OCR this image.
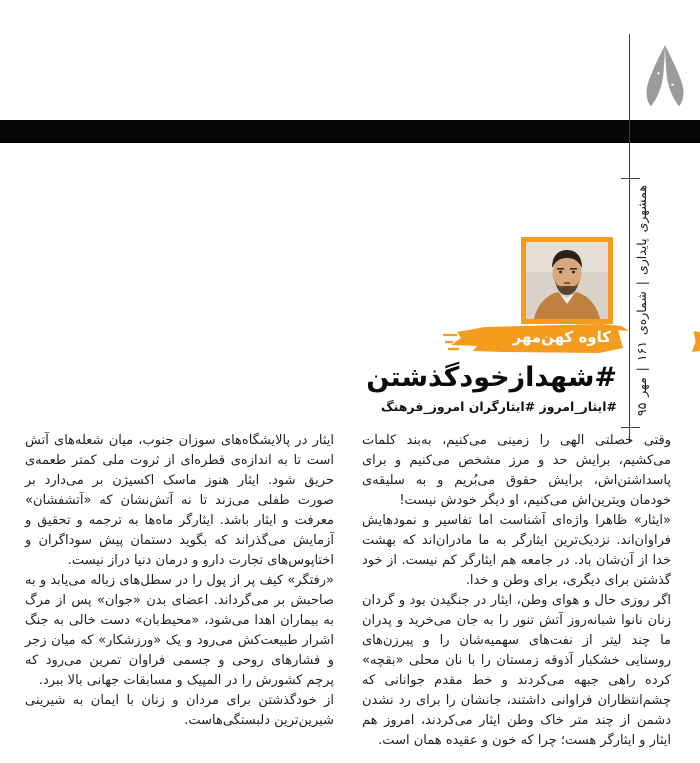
همشهری پایداری | شماره‌ی ۱۶۱ | مهر ۹۵
کاوه کهن‌مهر
#شهدازخودگذشتن
#ایثار_امروز #ایثارگران امروز_فرهنگ

وقتی خصلتی الهی را زمینی می‌کنیم، به‌بند کلمات می‌کشیم، برایش حد و مرز مشخص می‌کنیم و برای پاسداشتن‌اش، برایش حقوق می‌بُریم و به سلیقه‌ی خودمان ویترین‌اش می‌کنیم، او دیگر خودش نیست!

«ایثار» ظاهرا واژه‌ای آشناست اما تفاسیر و نمودهایش فراوان‌اند. نزدیک‌ترین ایثارگر به ما مادران‌اند که بهشت خدا از آن‌شان باد. در جامعه هم ایثارگر کم نیست. از خود گذشتن برای دیگری، برای وطن و خدا.

اگر روزی حال و هوای وطن، ایثار در جنگیدن بود و گردان زنان نانوا شبانه‌روز آتش تنور را به جان می‌خرید و پدران ما چند لیتر از نفت‌های سهمیه‌شان را و پیرزن‌های روستایی خشکبار آذوقه زمستان را با نان محلی «بقچه» کرده راهی جبهه می‌کردند و خط مقدم جوانانی که چشم‌انتظاران فراوانی داشتند، جانشان را برای رد نشدن دشمن از چند متر خاک وطن ایثار می‌کردند، امروز هم ایثار و ایثارگر هست؛ چرا که خون و عقیده همان است.

ایثار در پالایشگاه‌های سوزان جنوب، میان شعله‌های آتش است تا به اندازه‌ی قطره‌ای از ثروت ملی کمتر طعمه‌ی حریق شود. ایثار هنوز ماسک اکسیژن بر می‌دارد بر صورت طفلی می‌زند تا نه آتش‌نشان که «آتشفشان» معرفت و ایثار باشد. ایثارگر ماه‌ها به ترجمه و تحقیق و آزمایش می‌گذراند که بگوید دستمان پیش سوداگران و اختاپوس‌های تجارت دارو و درمان دنیا دراز نیست.

«رفتگر» کیف پر از پول را در سطل‌های زباله می‌یابد و به صاحبش بر می‌گرداند. اعضای بدن «جوان» پس از مرگ به بیماران اهدا می‌شود، «محیط‌بان» دست خالی به جنگ اشرار طبیعت‌کش می‌رود و یک «ورزشکار» که میان زجر و فشارهای روحی و جسمی فراوان تمرین می‌رود که پرچم کشورش را در المپیک و مسابقات جهانی بالا ببرد.

از خودگذشتن برای مردان و زنان با ایمان به شیرینی شیرین‌ترین دلبستگی‌هاست.
